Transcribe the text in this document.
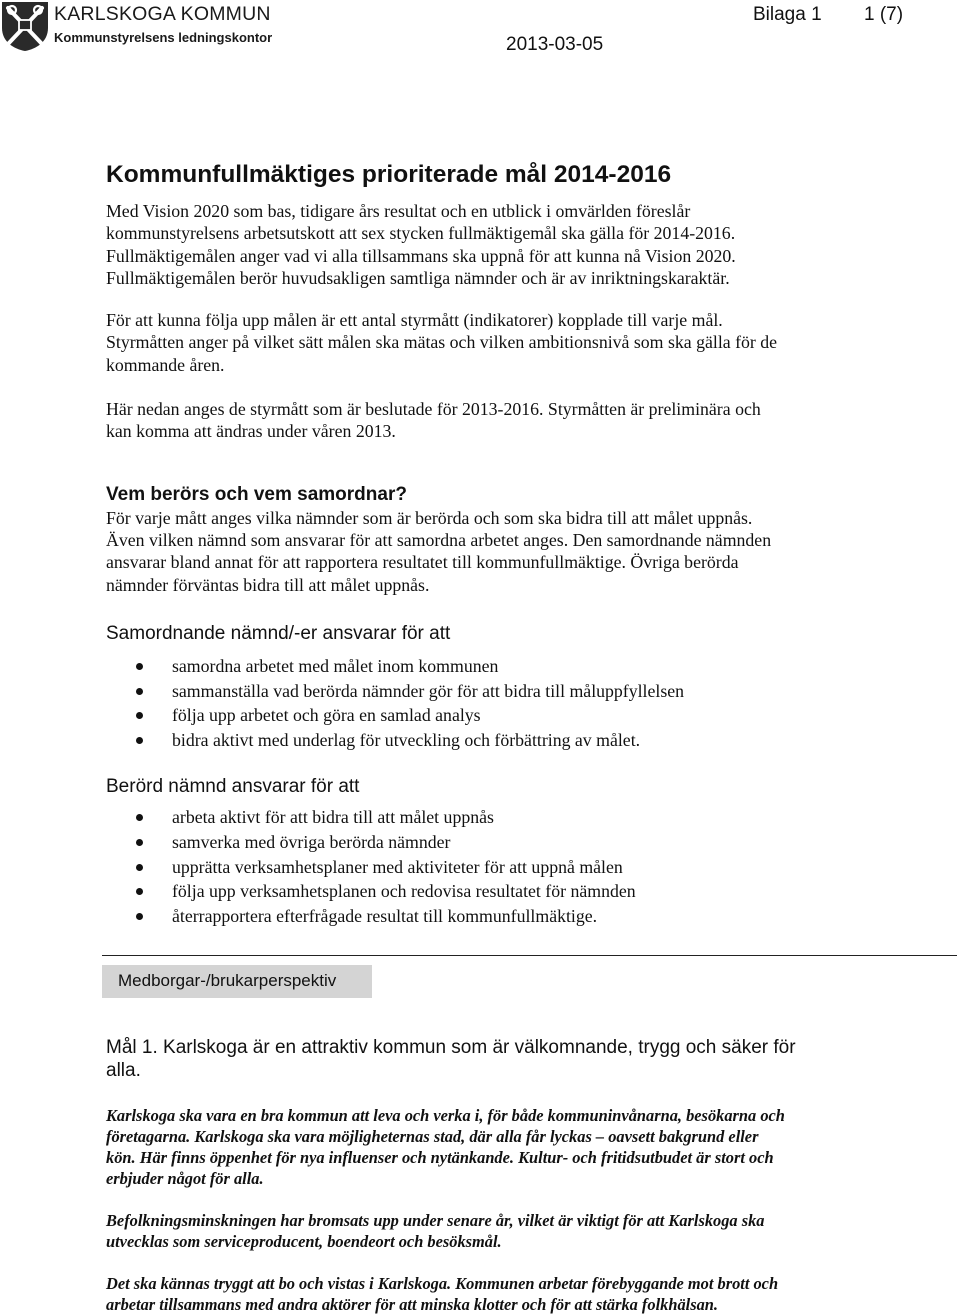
KARLSKOGA KOMMUN
Kommunstyrelsens ledningskontor	2013-03-05
Bilaga 1 1 (7)
Kommunfullmäktiges prioriterade mål 2014-2016
Med Vision 2020 som bas, tidigare års resultat och en utblick i omvärlden föreslår
kommunstyrelsens arbetsutskott att sex stycken fullmäktigemål ska gälla för 2014-2016.
Fullmäktigemålen anger vad vi alla tillsammans ska uppnå för att kunna nå Vision 2020.
Fullmäktigemålen berör huvudsakligen samtliga nämnder och är av inriktningskaraktär.
För att kunna följa upp målen är ett antal styrmått (indikatorer) kopplade till varje mål.
Styrmåtten anger på vilket sätt målen ska mätas och vilken ambitionsnivå som ska gälla för de
kommande åren.
Här nedan anges de styrmått som är beslutade för 2013-2016. Styrmåtten är preliminära och
kan komma att ändras under våren 2013.
Vem berörs och vem samordnar?
För varje mått anges vilka nämnder som är berörda och som ska bidra till att målet uppnås.
Även vilken nämnd som ansvarar för att samordna arbetet anges. Den samordnande nämnden
ansvarar bland annat för att rapportera resultatet till kommunfullmäktige. Övriga berörda
nämnder förväntas bidra till att målet uppnås.
Samordnande nämnd/-er ansvarar för att
samordna arbetet med målet inom kommunen
sammanställa vad berörda nämnder gör för att bidra till måluppfyllelsen
följa upp arbetet och göra en samlad analys
bidra aktivt med underlag för utveckling och förbättring av målet.
Berörd nämnd ansvarar för att
arbeta aktivt för att bidra till att målet uppnås
samverka med övriga berörda nämnder
upprätta verksamhetsplaner med aktiviteter för att uppnå målen
följa upp verksamhetsplanen och redovisa resultatet för nämnden
återrapportera efterfrågade resultat till kommunfullmäktige.
Medborgar-/brukarperspektiv
Mål 1. Karlskoga är en attraktiv kommun som är välkomnande, trygg och säker för
alla.
Karlskoga ska vara en bra kommun att leva och verka i, för både kommuninvånarna, besökarna och
företagarna. Karlskoga ska vara möjligheternas stad, där alla får lyckas – oavsett bakgrund eller
kön. Här finns öppenhet för nya influenser och nytänkande. Kultur- och fritidsutbudet är stort och
erbjuder något för alla.
Befolkningsminskningen har bromsats upp under senare år, vilket är viktigt för att Karlskoga ska
utvecklas som serviceproducent, boendeort och besöksmål.
Det ska kännas tryggt att bo och vistas i Karlskoga. Kommunen arbetar förebyggande mot brott och
arbetar tillsammans med andra aktörer för att minska klotter och för att stärka folkhälsan.
